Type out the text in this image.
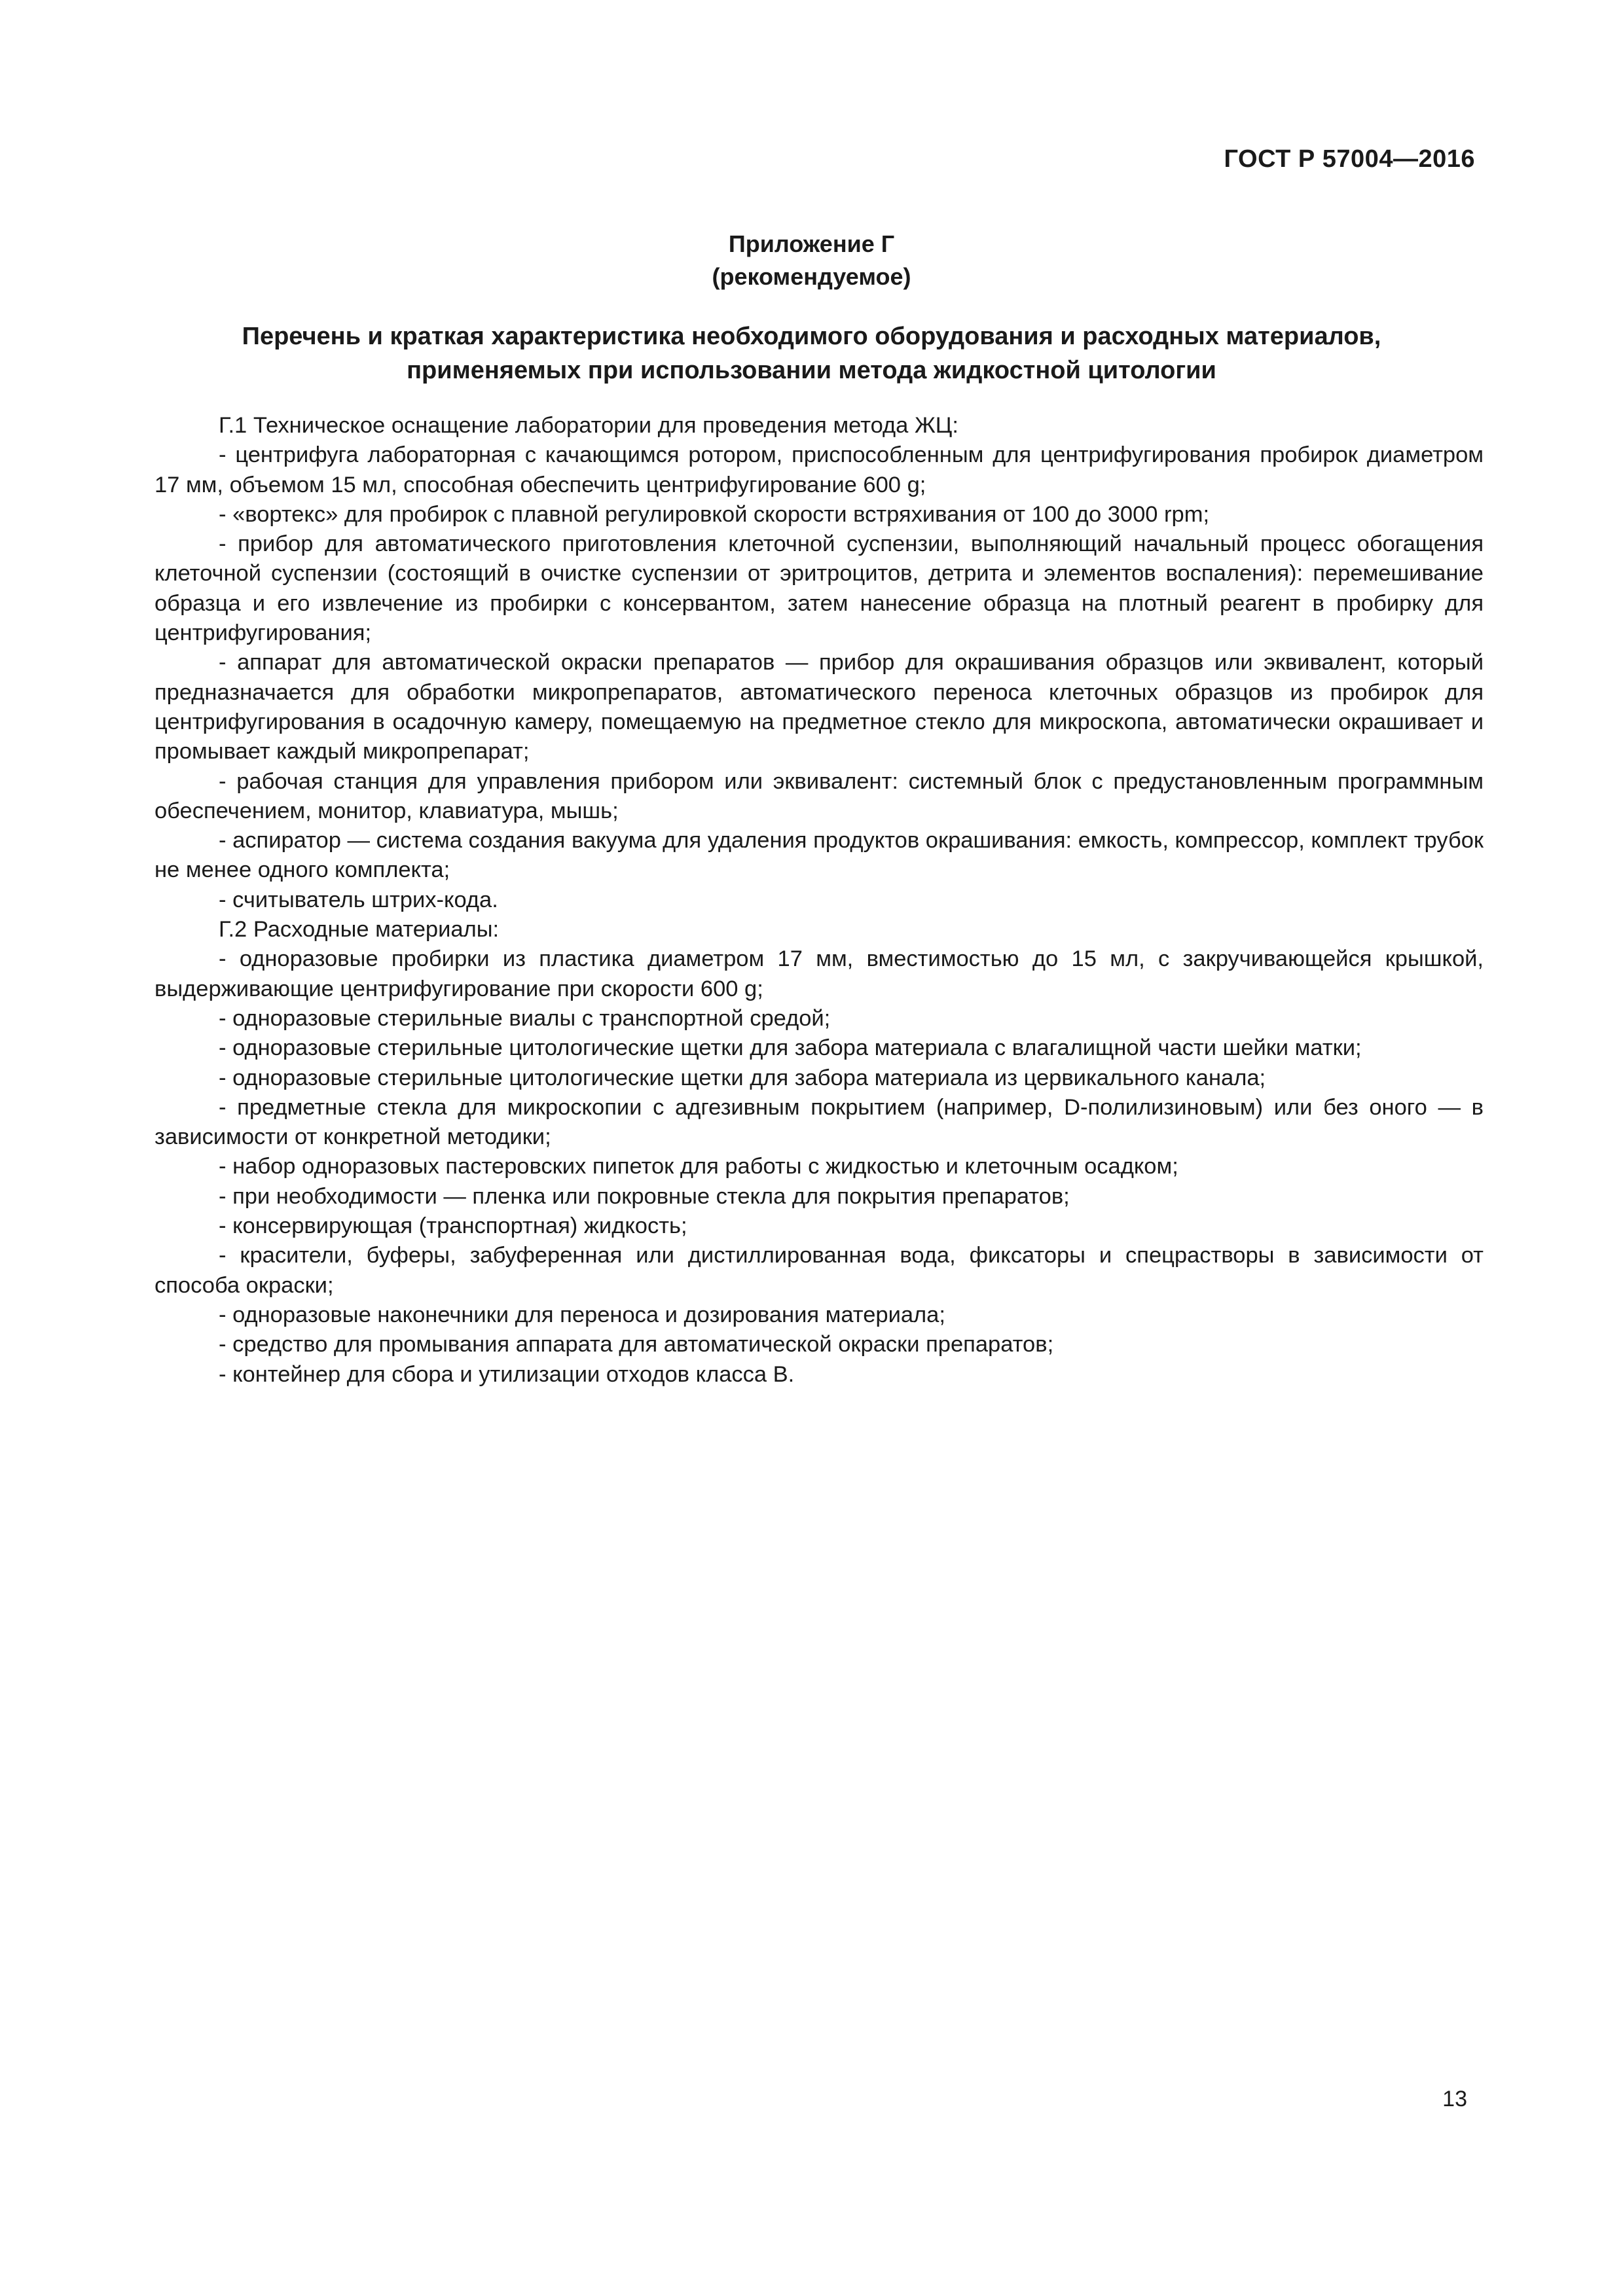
ГОСТ Р 57004—2016
Приложение Г
(рекомендуемое)
Перечень и краткая характеристика необходимого оборудования и расходных материалов,
применяемых при использовании метода жидкостной цитологии

Г.1 Техническое оснащение лаборатории для проведения метода ЖЦ:

- центрифуга лабораторная с качающимся ротором, приспособленным для центрифугирования пробирок диаметром 17 мм, объемом 15 мл, способная обеспечить центрифугирование 600 g;

- «вортекс» для пробирок с плавной регулировкой скорости встряхивания от 100 до 3000 rpm;

- прибор для автоматического приготовления клеточной суспензии, выполняющий начальный процесс обогащения клеточной суспензии (состоящий в очистке суспензии от эритроцитов, детрита и элементов воспаления): перемешивание образца и его извлечение из пробирки с консервантом, затем нанесение образца на плотный реагент в пробирку для центрифугирования;

- аппарат для автоматической окраски препаратов — прибор для окрашивания образцов или эквивалент, который предназначается для обработки микропрепаратов, автоматического переноса клеточных образцов из пробирок для центрифугирования в осадочную камеру, помещаемую на предметное стекло для микроскопа, автоматически окрашивает и промывает каждый микропрепарат;

- рабочая станция для управления прибором или эквивалент: системный блок с предустановленным программным обеспечением, монитор, клавиатура, мышь;

- аспиратор — система создания вакуума для удаления продуктов окрашивания: емкость, компрессор, комплект трубок не менее одного комплекта;

- считыватель штрих-кода.

Г.2 Расходные материалы:

- одноразовые пробирки из пластика диаметром 17 мм, вместимостью до 15 мл, с закручивающейся крышкой, выдерживающие центрифугирование при скорости 600 g;

- одноразовые стерильные виалы с транспортной средой;

- одноразовые стерильные цитологические щетки для забора материала с влагалищной части шейки матки;

- одноразовые стерильные цитологические щетки для забора материала из цервикального канала;

- предметные стекла для микроскопии с адгезивным покрытием (например, D-полилизиновым) или без оного — в зависимости от конкретной методики;

- набор одноразовых пастеровских пипеток для работы с жидкостью и клеточным осадком;

- при необходимости — пленка или покровные стекла для покрытия препаратов;

- консервирующая (транспортная) жидкость;

- красители, буферы, забуференная или дистиллированная вода, фиксаторы и спецрастворы в зависимости от способа окраски;

- одноразовые наконечники для переноса и дозирования материала;

- средство для промывания аппарата для автоматической окраски препаратов;

- контейнер для сбора и утилизации отходов класса В.

13
